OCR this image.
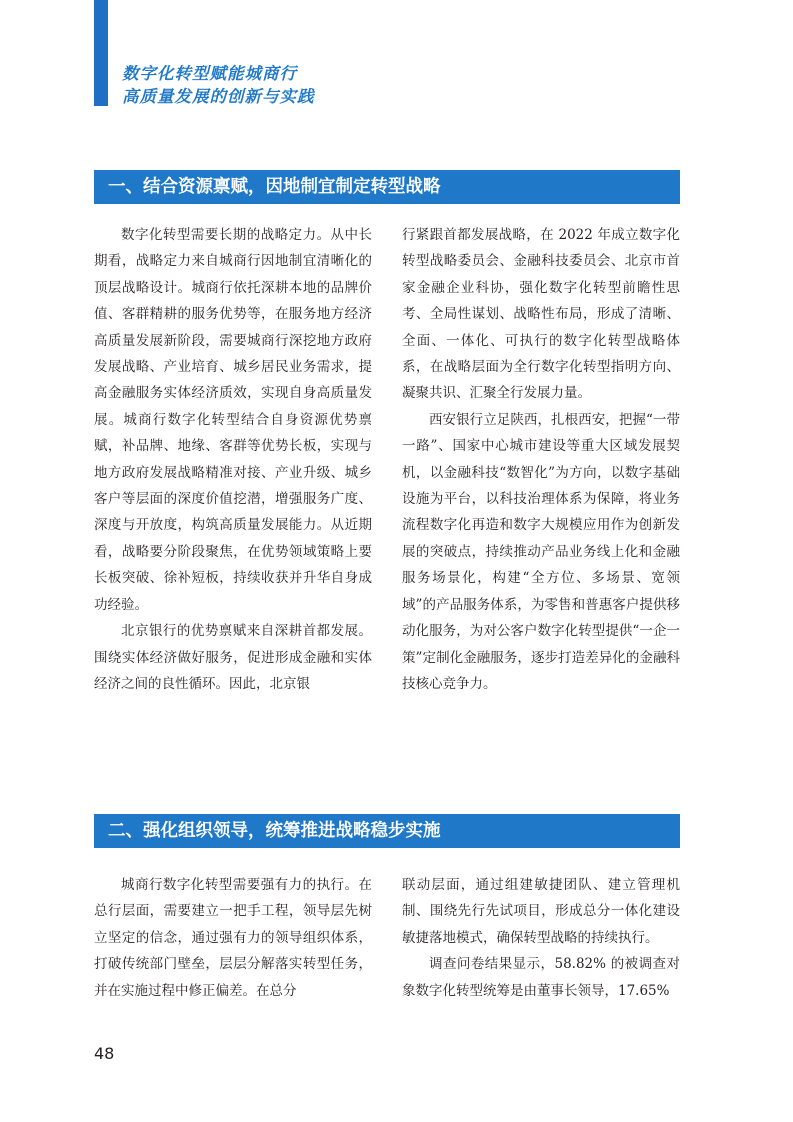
数字化转型赋能城商行
高质量发展的创新与实践
一、结合资源禀赋，因地制宜制定转型战略

数字化转型需要长期的战略定力。从中长期看，战略定力来自城商行因地制宜清晰化的顶层战略设计。城商行依托深耕本地的品牌价值、客群精耕的服务优势等，在服务地方经济高质量发展新阶段，需要城商行深挖地方政府发展战略、产业培育、城乡居民业务需求，提高金融服务实体经济质效，实现自身高质量发展。城商行数字化转型结合自身资源优势禀赋，补品牌、地缘、客群等优势长板，实现与地方政府发展战略精准对接、产业升级、城乡客户等层面的深度价值挖潜，增强服务广度、深度与开放度，构筑高质量发展能力。从近期看，战略要分阶段聚焦，在优势领域策略上要长板突破、徐补短板，持续收获并升华自身成功经验。

北京银行的优势禀赋来自深耕首都发展。围绕实体经济做好服务，促进形成金融和实体经济之间的良性循环。因此，北京银

行紧跟首都发展战略，在 2022 年成立数字化转型战略委员会、金融科技委员会、北京市首家金融企业科协，强化数字化转型前瞻性思考、全局性谋划、战略性布局，形成了清晰、全面、一体化、可执行的数字化转型战略体系，在战略层面为全行数字化转型指明方向、凝聚共识、汇聚全行发展力量。

西安银行立足陕西，扎根西安，把握“一带一路”、国家中心城市建设等重大区域发展契机，以金融科技“数智化”为方向，以数字基础设施为平台，以科技治理体系为保障，将业务流程数字化再造和数字大规模应用作为创新发展的突破点，持续推动产品业务线上化和金融服务场景化，构建“全方位、多场景、宽领域”的产品服务体系，为零售和普惠客户提供移动化服务，为对公客户数字化转型提供“一企一策”定制化金融服务，逐步打造差异化的金融科技核心竞争力。

二、强化组织领导，统筹推进战略稳步实施

城商行数字化转型需要强有力的执行。在总行层面，需要建立一把手工程，领导层先树立坚定的信念，通过强有力的领导组织体系，打破传统部门壁垒，层层分解落实转型任务，并在实施过程中修正偏差。在总分

联动层面，通过组建敏捷团队、建立管理机制、围绕先行先试项目，形成总分一体化建设敏捷落地模式，确保转型战略的持续执行。

调查问卷结果显示，58.82% 的被调查对象数字化转型统筹是由董事长领导，17.65%

48
